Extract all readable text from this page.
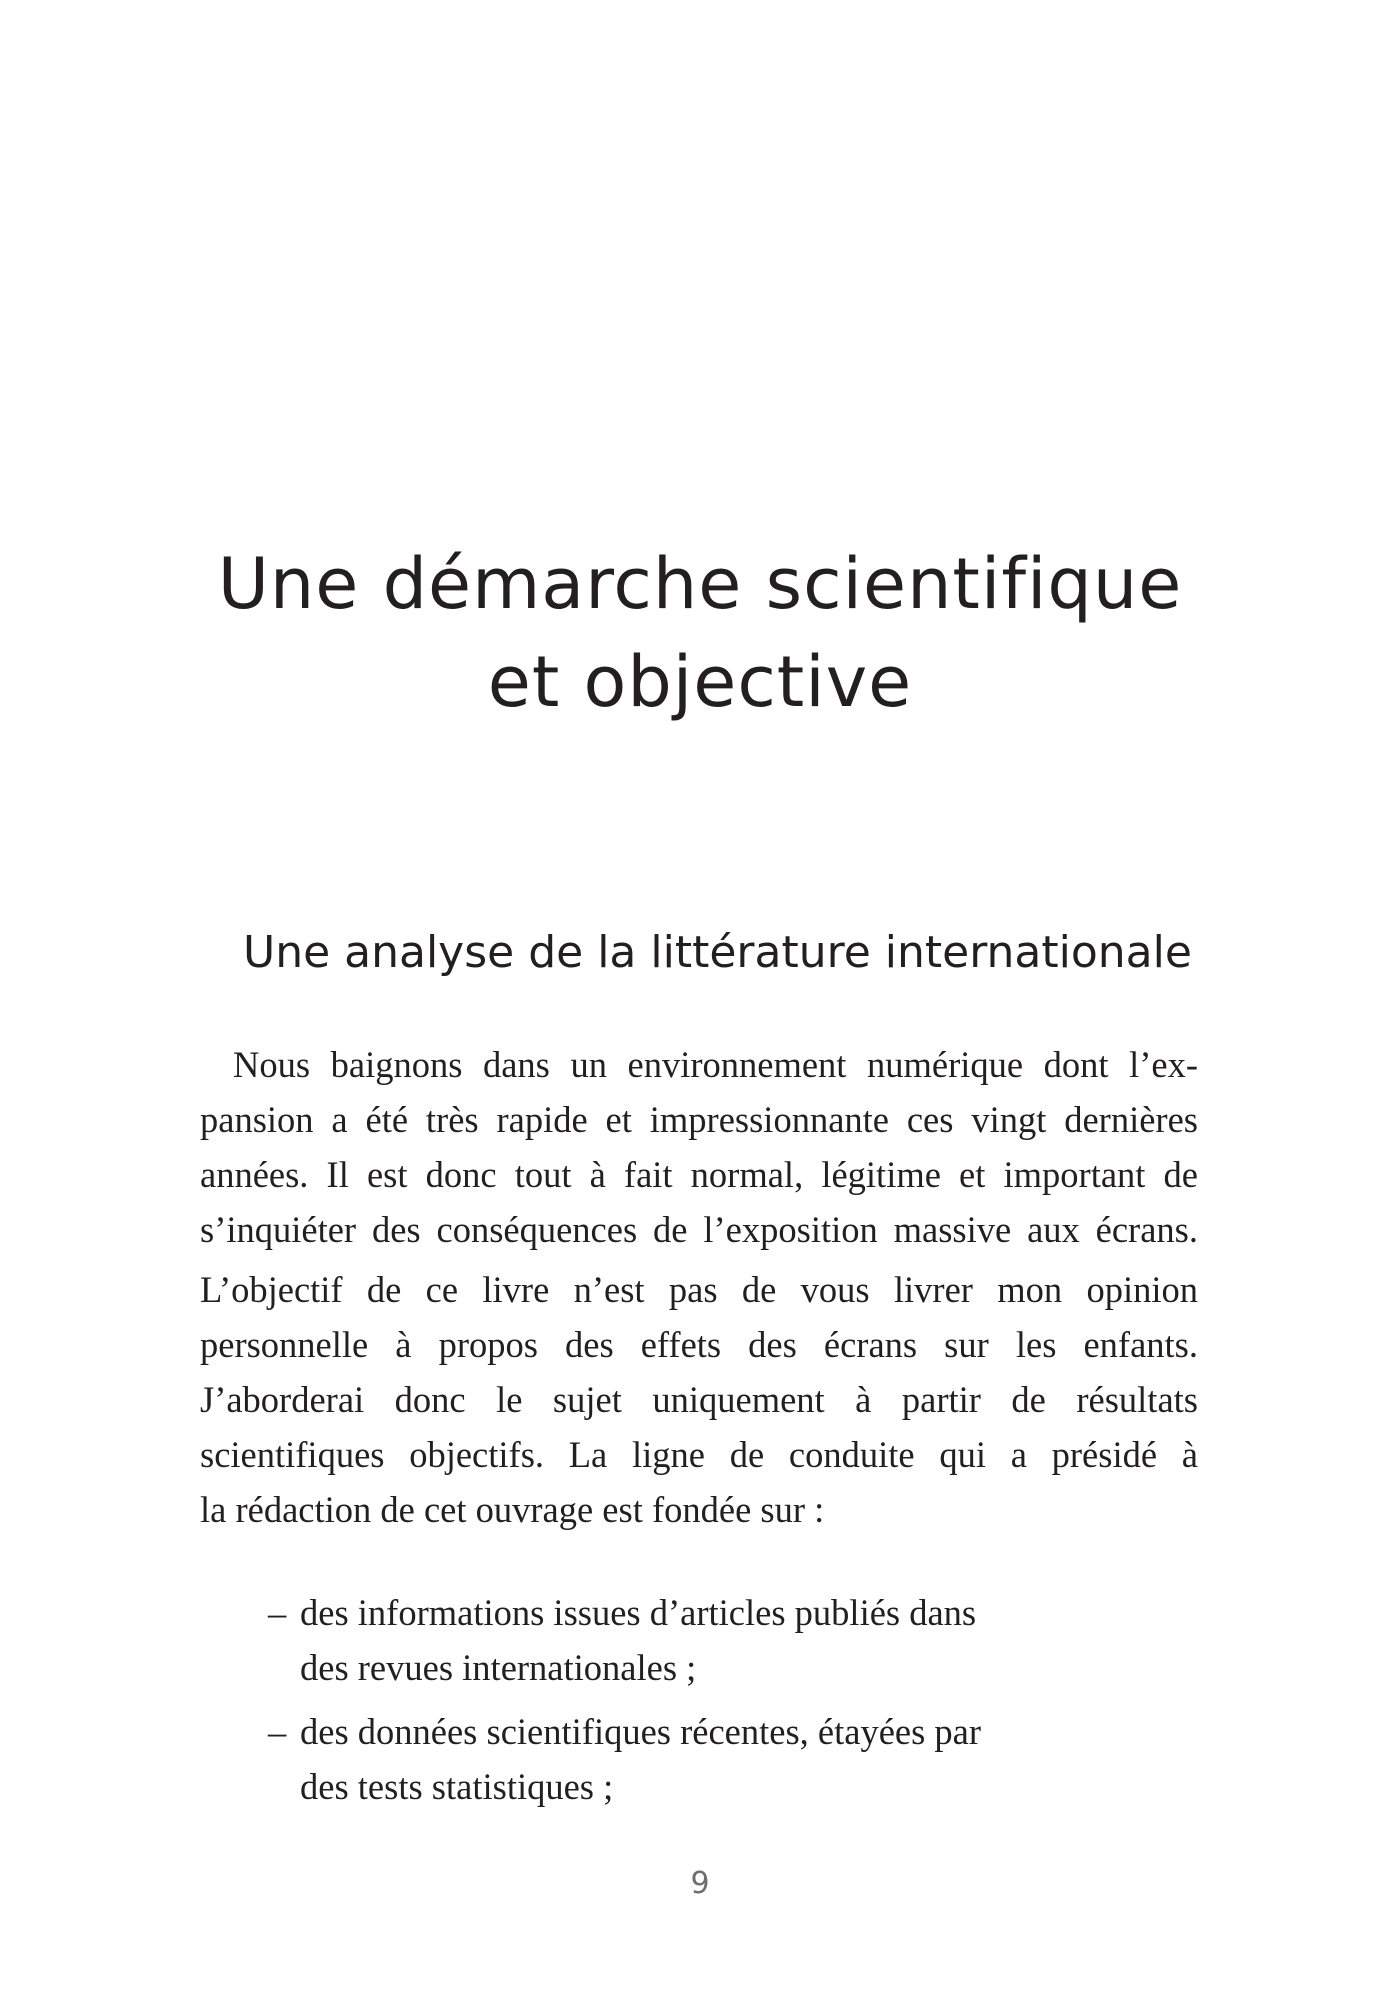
Une démarche scientifique
et objective
Une analyse de la littérature internationale

Nous baignons dans un environnement numérique dont l’ex-
pansion a été très rapide et impressionnante ces vingt dernières
années. Il est donc tout à fait normal, légitime et important de
s’inquiéter des conséquences de l’exposition massive aux écrans.

L’objectif de ce livre n’est pas de vous livrer mon opinion
personnelle à propos des effets des écrans sur les enfants.
J’aborderai donc le sujet uniquement à partir de résultats
scientifiques objectifs. La ligne de conduite qui a présidé à
la rédaction de cet ouvrage est fondée sur :

– des informations issues d’articles publiés dans
des revues internationales ;
– des données scientifiques récentes, étayées par
des tests statistiques ;
9
